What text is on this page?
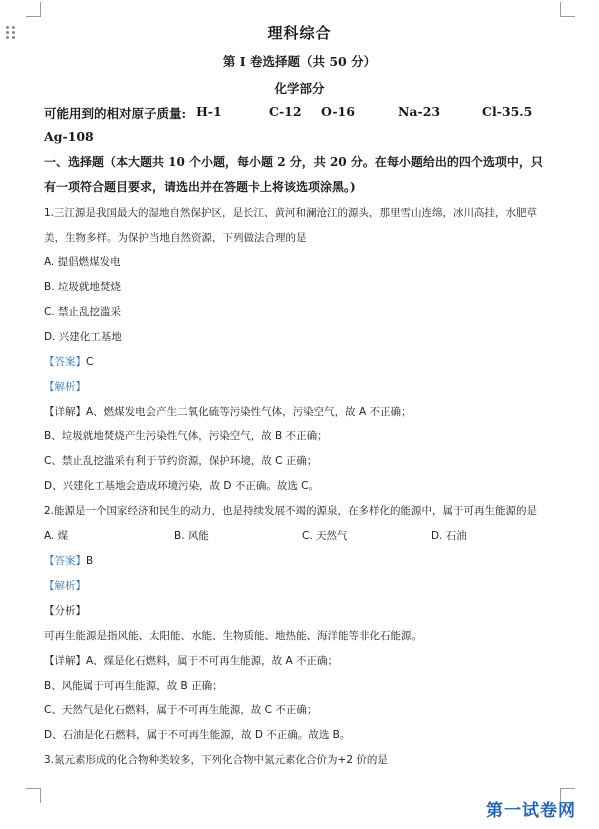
理科综合
第 I 卷选择题（共 50 分）
化学部分
可能用到的相对原子质量: H-1	C-12 O-16	Na-23	Cl-35.5
Ag-108
一、选择题（本大题共 10 个小题，每小题 2 分，共 20 分。在每小题给出的四个选项中，只
有一项符合题目要求，请选出并在答题卡上将该选项涂黑。)
1.三江源是我国最大的湿地自然保护区，是长江、黄河和澜沧江的源头，那里雪山连绵，冰川高挂，水肥草
美，生物多样。为保护当地自然资源，下列做法合理的是
A. 提倡燃煤发电
B. 垃圾就地焚烧
C. 禁止乱挖滥采
D. 兴建化工基地
【答案】C
【解析】
【详解】A、燃煤发电会产生二氧化硫等污染性气体，污染空气，故 A 不正确；
B、垃圾就地焚烧产生污染性气体，污染空气，故 B 不正确；
C、禁止乱挖滥采有利于节约资源，保护环境，故 C 正确；
D、兴建化工基地会造成环境污染，故 D 不正确。故选 C。
2.能源是一个国家经济和民生的动力，也是持续发展不竭的源泉，在多样化的能源中，属于可再生能源的是
A. 煤	B. 风能	C. 天然气	D. 石油
【答案】B
【解析】
【分析】
可再生能源是指风能、太阳能、水能、生物质能、地热能、海洋能等非化石能源。
【详解】A、煤是化石燃料，属于不可再生能源，故 A 不正确；
B、风能属于可再生能源，故 B 正确；
C、天然气是化石燃料，属于不可再生能源，故 C 不正确；
D、石油是化石燃料，属于不可再生能源，故 D 不正确。故选 B。
3.氮元素形成的化合物种类较多，下列化合物中氮元素化合价为+2 价的是
第一试卷网
